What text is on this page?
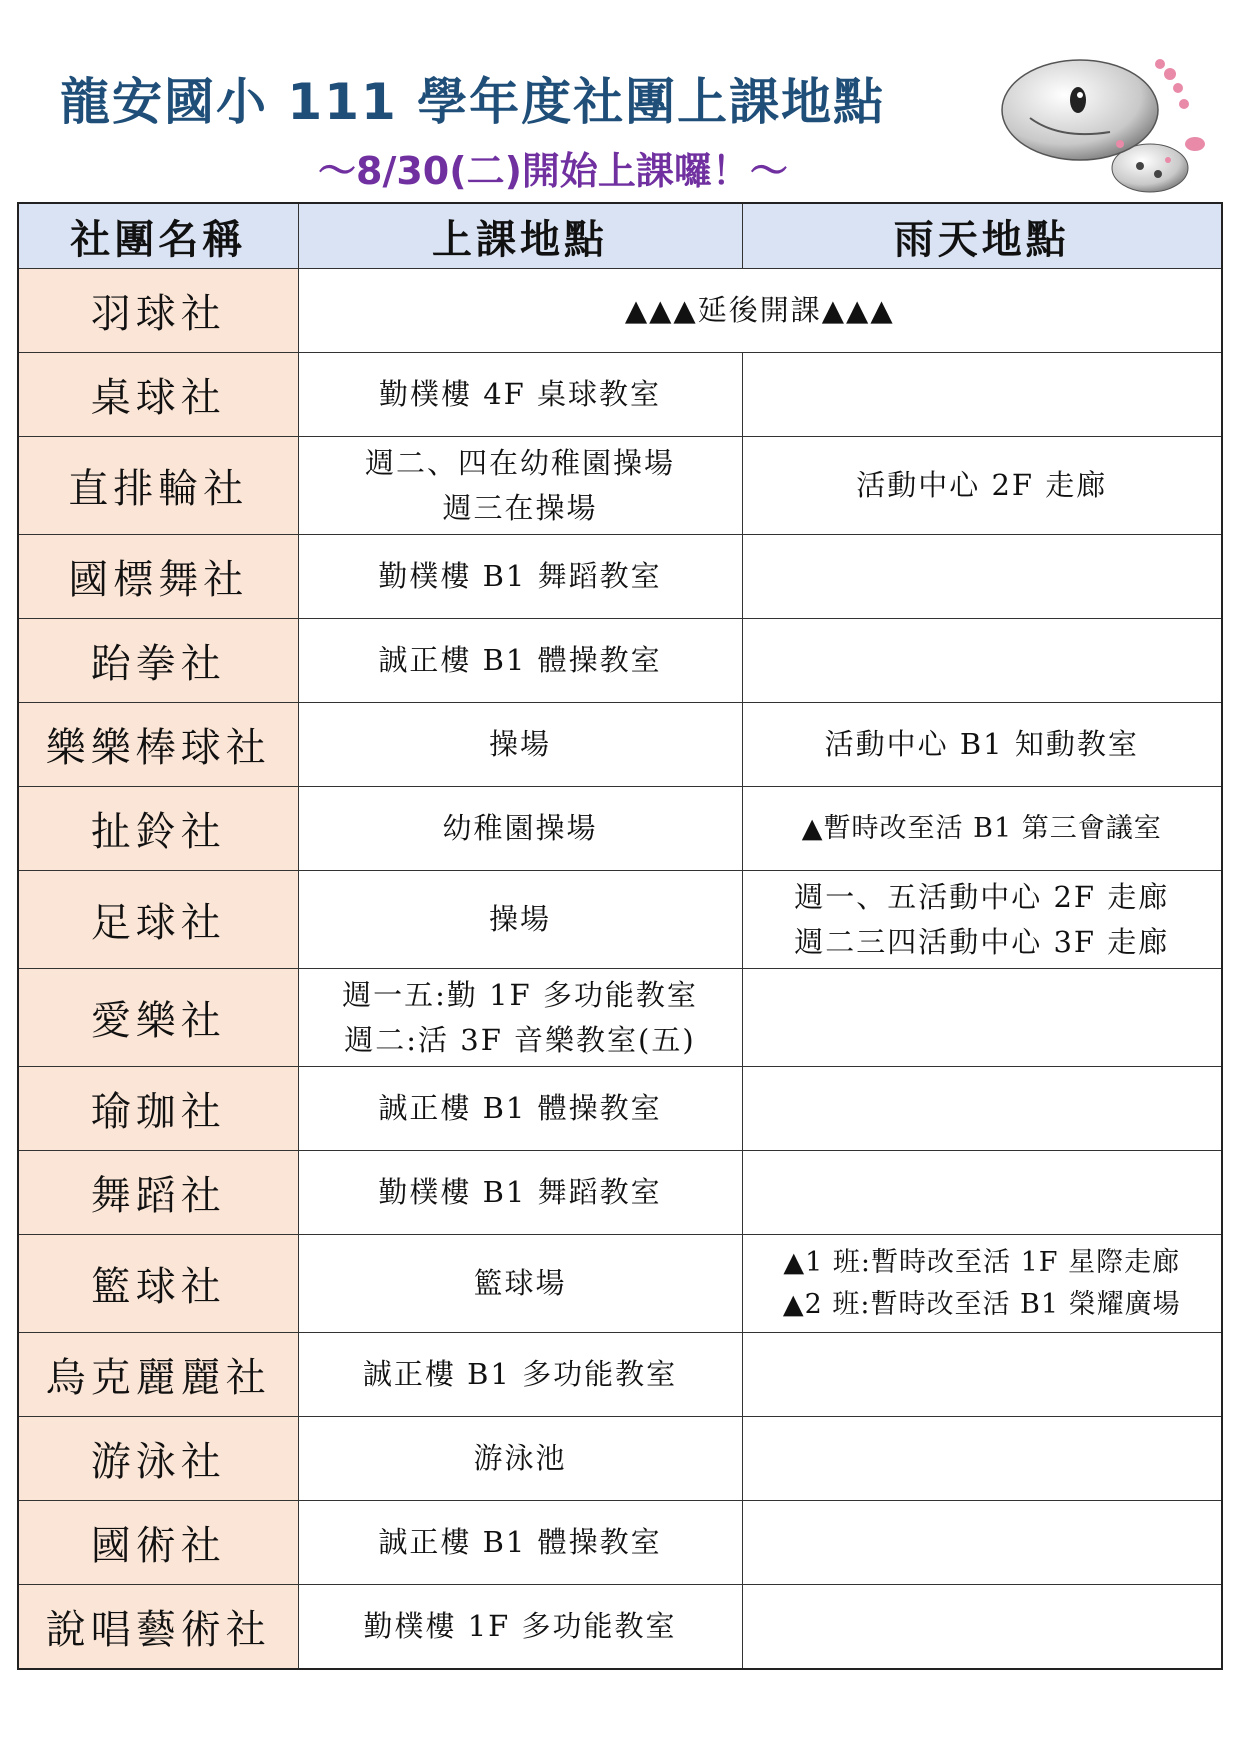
龍安國小 111 學年度社團上課地點
〜8/30(二)開始上課囉！〜
社團名稱	上課地點	雨天地點
羽球社	▲▲▲延後開課▲▲▲	
桌球社	勤樸樓 4F 桌球教室	

直排輪社	週二、四在幼稚園操場
週三在操場	活動中心 2F 走廊

國標舞社	勤樸樓 B1 舞蹈教室	

跆拳社	誠正樓 B1 體操教室	

樂樂棒球社	操場	活動中心 B1 知動教室

扯鈴社	幼稚園操場	▲暫時改至活 B1 第三會議室

足球社	操場	週一、五活動中心 2F 走廊
週二三四活動中心 3F 走廊

愛樂社	週一五:勤 1F 多功能教室
週二:活 3F 音樂教室(五)	

瑜珈社	誠正樓 B1 體操教室	

舞蹈社	勤樸樓 B1 舞蹈教室	

籃球社	籃球場	▲1 班:暫時改至活 1F 星際走廊
▲2 班:暫時改至活 B1 榮耀廣場

烏克麗麗社	誠正樓 B1 多功能教室	

游泳社	游泳池	

國術社	誠正樓 B1 體操教室	

說唱藝術社	勤樸樓 1F 多功能教室	
